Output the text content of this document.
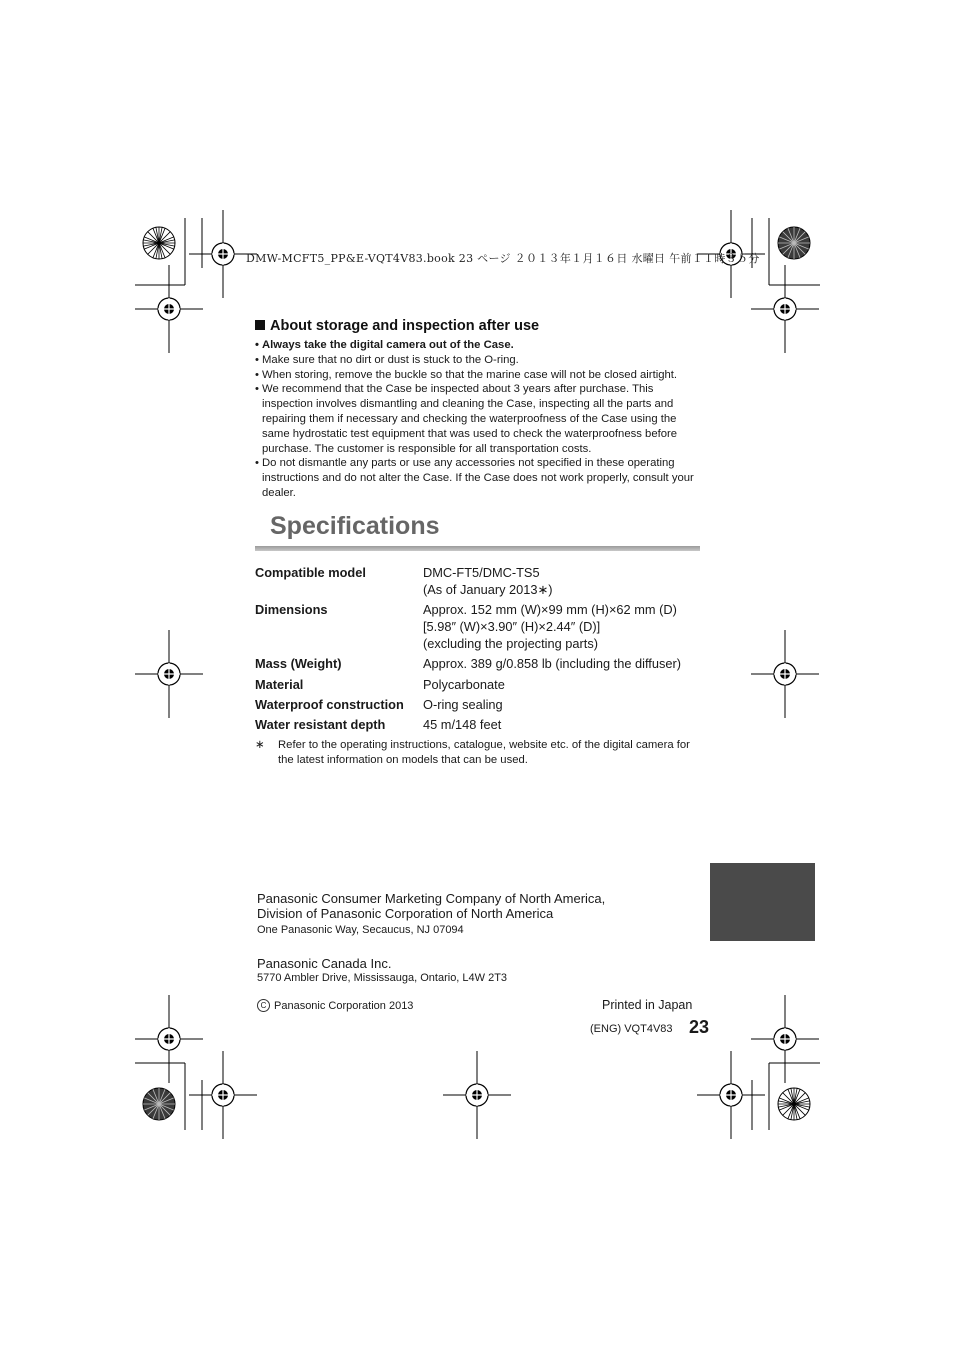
DMW-MCFT5_PP&E-VQT4V83.book 23 ページ ２０１３年１月１６日 水曜日 午前１１時３５分
About storage and inspection after use
• Always take the digital camera out of the Case.
• Make sure that no dirt or dust is stuck to the O-ring.
• When storing, remove the buckle so that the marine case will not be closed airtight.
• We recommend that the Case be inspected about 3 years after purchase. This inspection involves dismantling and cleaning the Case, inspecting all the parts and repairing them if necessary and checking the waterproofness of the Case using the same hydrostatic test equipment that was used to check the waterproofness before purchase. The customer is responsible for all transportation costs.
• Do not dismantle any parts or use any accessories not specified in these operating instructions and do not alter the Case. If the Case does not work properly, consult your dealer.
Specifications
Compatible model	DMC-FT5/DMC-TS5
(As of January 2013∗)
Dimensions	Approx. 152 mm (W)×99 mm (H)×62 mm (D)
[5.98″ (W)×3.90″ (H)×2.44″ (D)]
(excluding the projecting parts)
Mass (Weight)	Approx. 389 g/0.858 lb (including the diffuser)
Material	Polycarbonate
Waterproof construction	O-ring sealing
Water resistant depth	45 m/148 feet
∗	Refer to the operating instructions, catalogue, website etc. of the digital camera for the latest information on models that can be used.
Panasonic Consumer Marketing Company of North America,
Division of Panasonic Corporation of North America
One Panasonic Way, Secaucus, NJ 07094
Panasonic Canada Inc.
5770 Ambler Drive, Mississauga, Ontario, L4W 2T3
C Panasonic Corporation 2013	Printed in Japan
(ENG) VQT4V83 23
